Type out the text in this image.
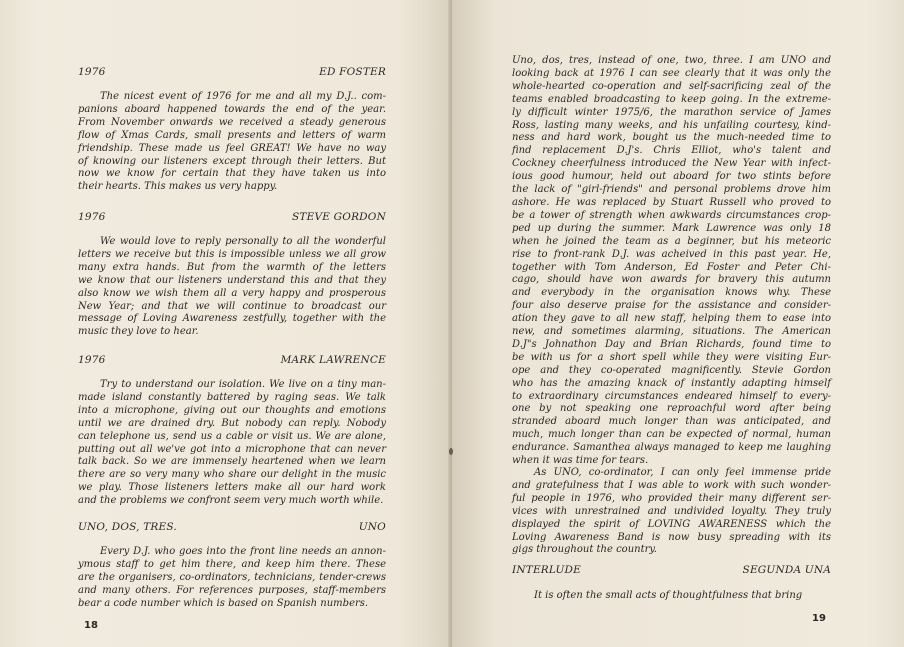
1976	ED FOSTER
The nicest event of 1976 for me and all my D.J.. com-
panions aboard happened towards the end of the year.
From November onwards we received a steady generous
flow of Xmas Cards, small presents and letters of warm
friendship. These made us feel GREAT! We have no way
of knowing our listeners except through their letters. But
now we know for certain that they have taken us into
their hearts. This makes us very happy.
1976	STEVE GORDON
We would love to reply personally to all the wonderful
letters we receive but this is impossible unless we all grow
many extra hands. But from the warmth of the letters
we know that our listeners understand this and that they
also know we wish them all a very happy and prosperous
New Year; and that we will continue to broadcast our
message of Loving Awareness zestfully, together with the
music they love to hear.
1976	MARK LAWRENCE
Try to understand our isolation. We live on a tiny man-
made island constantly battered by raging seas. We talk
into a microphone, giving out our thoughts and emotions
until we are drained dry. But nobody can reply. Nobody
can telephone us, send us a cable or visit us. We are alone,
putting out all we've got into a microphone that can never
talk back. So we are immensely heartened when we learn
there are so very many who share our delight in the music
we play. Those listeners letters make all our hard work
and the problems we confront seem very much worth while.
UNO, DOS, TRES.	UNO
Every D.J. who goes into the front line needs an annon-
ymous staff to get him there, and keep him there. These
are the organisers, co-ordinators, technicians, tender-crews
and many others. For references purposes, staff-members
bear a code number which is based on Spanish numbers.
18
Uno, dos, tres, instead of one, two, three. I am UNO and
looking back at 1976 I can see clearly that it was only the
whole-hearted co-operation and self-sacrificing zeal of the
teams enabled broadcasting to keep going. In the extreme-
ly difficult winter 1975/6, the marathon service of James
Ross, lasting many weeks, and his unfailing courtesy, kind-
ness and hard work, bought us the much-needed time to
find replacement D.J's. Chris Elliot, who's talent and
Cockney cheerfulness introduced the New Year with infect-
ious good humour, held out aboard for two stints before
the lack of "girl-friends" and personal problems drove him
ashore. He was replaced by Stuart Russell who proved to
be a tower of strength when awkwards circumstances crop-
ped up during the summer. Mark Lawrence was only 18
when he joined the team as a beginner, but his meteoric
rise to front-rank D.J. was acheived in this past year. He,
together with Tom Anderson, Ed Foster and Peter Chi-
cago, should have won awards for bravery this autumn
and everybody in the organisation knows why. These
four also deserve praise for the assistance and consider-
ation they gave to all new staff, helping them to ease into
new, and sometimes alarming, situations. The American
D.J"s Johnathon Day and Brian Richards, found time to
be with us for a short spell while they were visiting Eur-
ope and they co-operated magnificently. Stevie Gordon
who has the amazing knack of instantly adapting himself
to extraordinary circumstances endeared himself to every-
one by not speaking one reproachful word after being
stranded aboard much longer than was anticipated, and
much, much longer than can be expected of normal, human
endurance. Samanthea always managed to keep me laughing
when it was time for tears.
As UNO, co-ordinator, I can only feel immense pride
and gratefulness that I was able to work with such wonder-
ful people in 1976, who provided their many different ser-
vices with unrestrained and undivided loyalty. They truly
displayed the spirit of LOVING AWARENESS which the
Loving Awareness Band is now busy spreading with its
gigs throughout the country.
INTERLUDE	SEGUNDA UNA
It is often the small acts of thoughtfulness that bring
19
